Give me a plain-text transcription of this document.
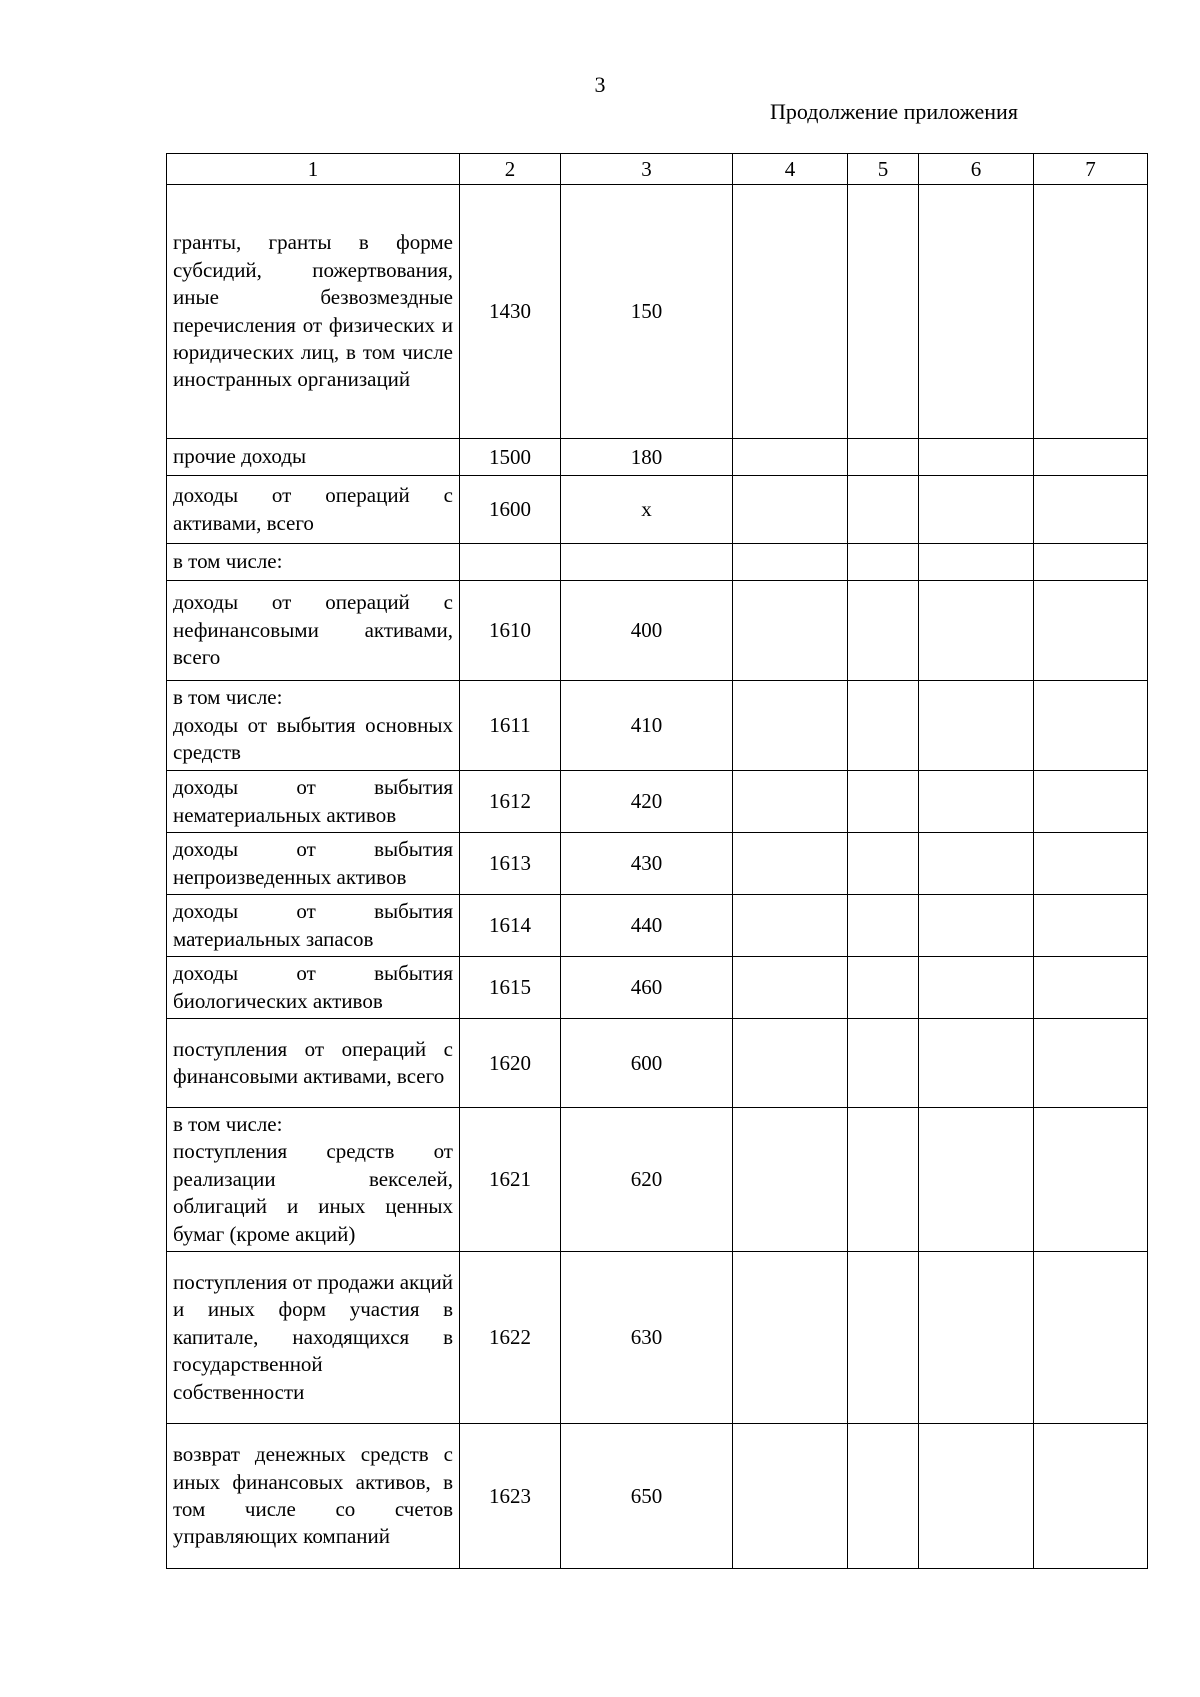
3
Продолжение приложения
1	2	3	4	5	6	7

гранты, гранты в форме субсидий, пожертвования, иные безвозмездные перечисления от физических и юридических лиц, в том числе иностранных организаций	1430	150				

прочие доходы	1500	180				

доходы от операций с активами, всего	1600	х				

в том числе:						

доходы от операций с нефинансовыми активами, всего	1610	400				

в том числе:
доходы от выбытия основных средств	1611	410				

доходы от выбытия нематериальных активов	1612	420				

доходы от выбытия непроизведенных активов	1613	430				

доходы от выбытия материальных запасов	1614	440				

доходы от выбытия биологических активов	1615	460				

поступления от операций с финансовыми активами, всего	1620	600				

в том числе:
поступления средств от реализации векселей, облигаций и иных ценных бумаг (кроме акций)	1621	620				

поступления от продажи акций и иных форм участия в капитале, находящихся в государственной собственности	1622	630				

возврат денежных средств с иных финансовых активов, в том числе со счетов управляющих компаний	1623	650				
